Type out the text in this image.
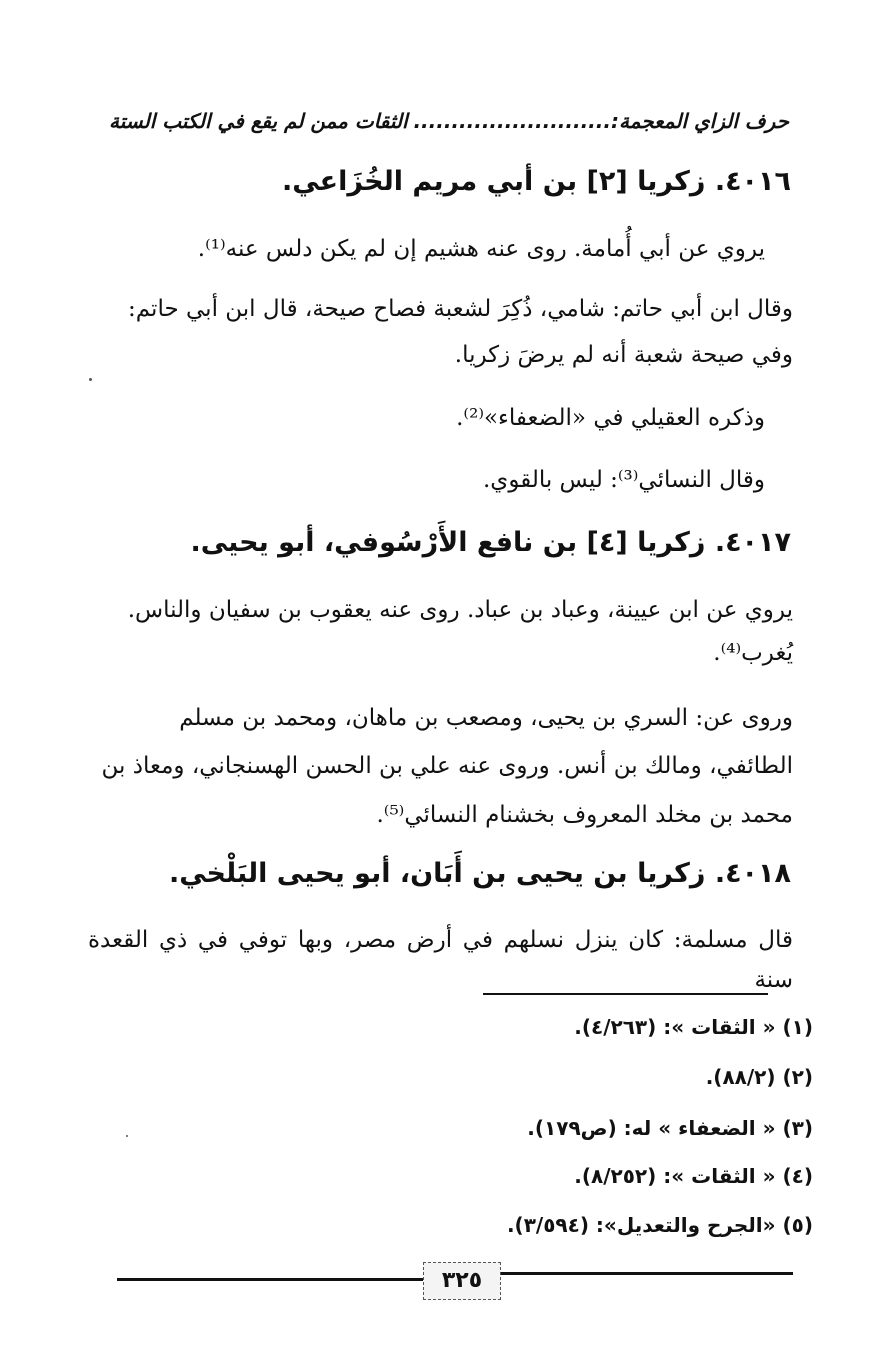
حرف الزاي المعجمة:..........................
الثقات ممن لم يقع في الكتب الستة
٤٠١٦. زكريا [٢] بن أبي مريم الخُزَاعي.
يروي عن أبي أُمامة. روى عنه هشيم إن لم يكن دلس عنه⁽¹⁾.
وقال ابن أبي حاتم: شامي، ذُكِرَ لشعبة فصاح صيحة، قال ابن أبي حاتم:
وفي صيحة شعبة أنه لم يرضَ زكريا.
وذكره العقيلي في «الضعفاء»⁽²⁾.
وقال النسائي⁽³⁾: ليس بالقوي.
٤٠١٧. زكريا [٤] بن نافع الأَرْسُوفي، أبو يحيى.
يروي عن ابن عيينة، وعباد بن عباد. روى عنه يعقوب بن سفيان والناس.
يُغرب⁽⁴⁾.
وروى عن: السري بن يحيى، ومصعب بن ماهان، ومحمد بن مسلم
الطائفي، ومالك بن أنس. وروى عنه علي بن الحسن الهسنجاني، ومعاذ بن
محمد بن مخلد المعروف بخشنام النسائي⁽⁵⁾.
٤٠١٨. زكريا بن يحيى بن أَبَان، أبو يحيى البَلْخي.
قال مسلمة: كان ينزل نسلهم في أرض مصر، وبها توفي في ذي القعدة سنة
(١) « الثقات »: (٤/٢٦٣).
(٢) (٨٨/٢).
(٣) « الضعفاء » له: (ص١٧٩).
(٤) « الثقات »: (٨/٢٥٢).
(٥) «الجرح والتعديل»: (٣/٥٩٤).
٣٢٥
